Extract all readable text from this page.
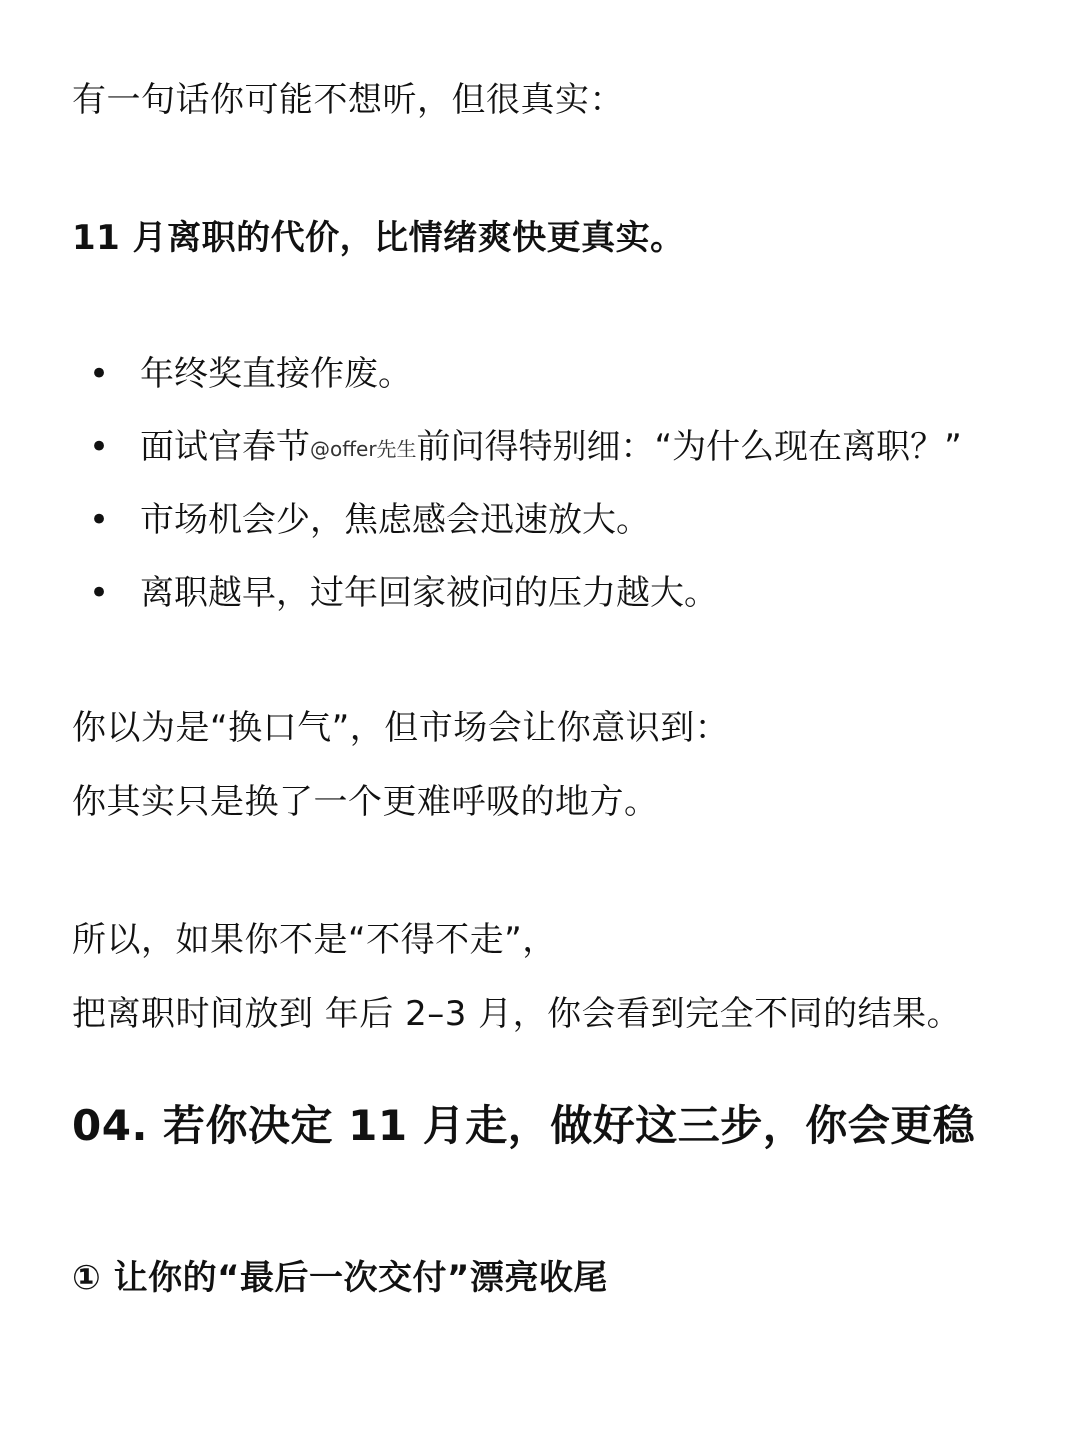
有一句话你可能不想听，但很真实：
11 月离职的代价，比情绪爽快更真实。
• 年终奖直接作废。
• 面试官春节@offer先生前问得特别细：“为什么现在离职？”
• 市场机会少，焦虑感会迅速放大。
• 离职越早，过年回家被问的压力越大。
你以为是“换口气”，但市场会让你意识到：
你其实只是换了一个更难呼吸的地方。
所以，如果你不是“不得不走”，
把离职时间放到 年后 2–3 月，你会看到完全不同的结果。
04. 若你决定 11 月走，做好这三步，你会更稳
① 让你的“最后一次交付”漂亮收尾
